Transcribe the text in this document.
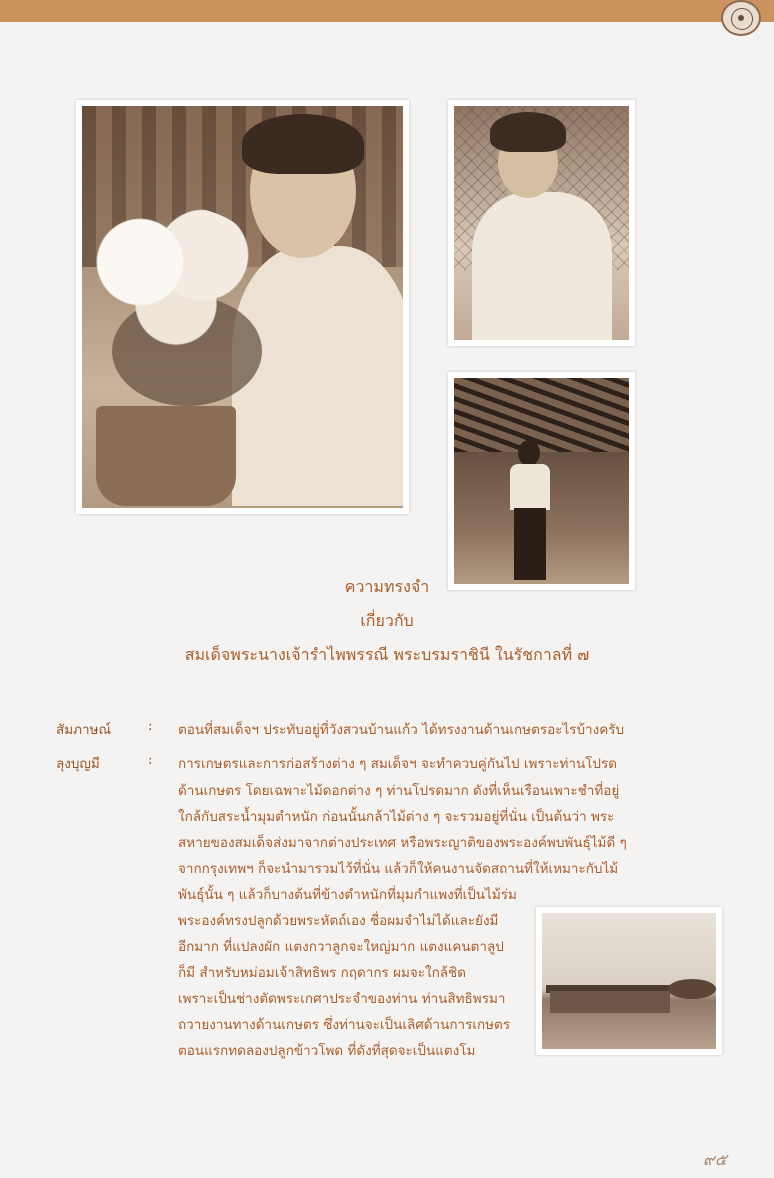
ความทรงจำ
เกี่ยวกับ
สมเด็จพระนางเจ้ารำไพพรรณี พระบรมราชินี ในรัชกาลที่ ๗
สัมภาษณ์	: ตอนที่สมเด็จฯ ประทับอยู่ที่วังสวนบ้านแก้ว ได้ทรงงานด้านเกษตรอะไรบ้างครับ
ลุงบุญมี	: การเกษตรและการก่อสร้างต่าง ๆ สมเด็จฯ จะทำควบคู่กันไป เพราะท่านโปรด
ด้านเกษตร โดยเฉพาะไม้ดอกต่าง ๆ ท่านโปรดมาก ดังที่เห็นเรือนเพาะชำที่อยู่
ใกล้กับสระน้ำมุมตำหนัก ก่อนนั้นกล้าไม้ต่าง ๆ จะรวมอยู่ที่นั่น เป็นต้นว่า พระ
สหายของสมเด็จส่งมาจากต่างประเทศ หรือพระญาติของพระองค์พบพันธุ์ไม้ดี ๆ
จากกรุงเทพฯ ก็จะนำมารวมไว้ที่นั่น แล้วก็ให้คนงานจัดสถานที่ให้เหมาะกับไม้
พันธุ์นั้น ๆ แล้วก็บางต้นที่ข้างตำหนักที่มุมกำแพงที่เป็นไม้ร่ม
พระองค์ทรงปลูกด้วยพระหัตถ์เอง ชื่อผมจำไม่ได้และยังมี
อีกมาก ที่แปลงผัก แตงกวาลูกจะใหญ่มาก แตงแคนตาลูป
ก็มี สำหรับหม่อมเจ้าสิทธิพร กฤดากร ผมจะใกล้ชิด
เพราะเป็นช่างตัดพระเกศาประจำของท่าน ท่านสิทธิพรมา
ถวายงานทางด้านเกษตร ซึ่งท่านจะเป็นเลิศด้านการเกษตร
ตอนแรกทดลองปลูกข้าวโพด ที่ดังที่สุดจะเป็นแตงโม
๙๕
